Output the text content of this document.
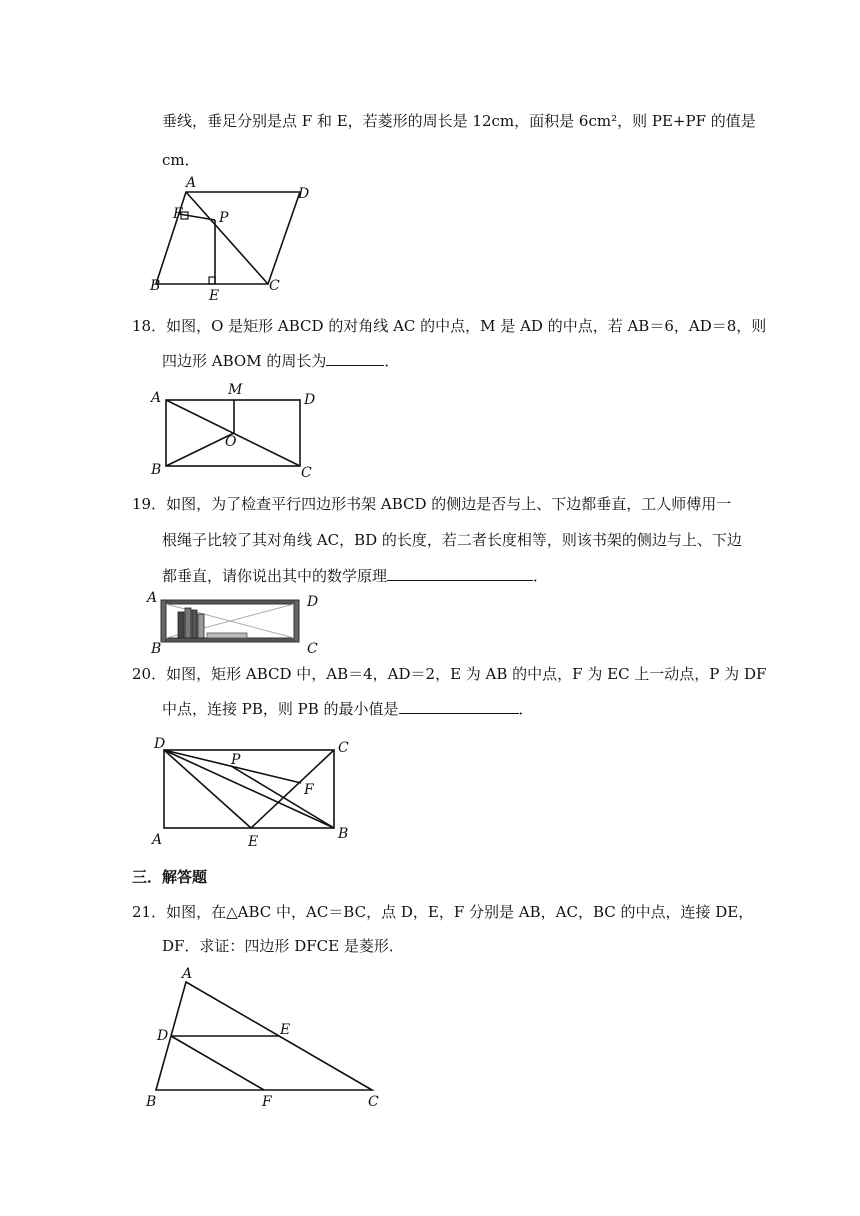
垂线，垂足分别是点 F 和 E，若菱形的周长是 12cm，面积是 6cm²，则 PE+PF 的值是
cm．
A
D
F	P
B
E
C
18．如图，O 是矩形 ABCD 的对角线 AC 的中点，M 是 AD 的中点，若 AB＝6，AD＝8，则
四边形 ABOM 的周长为	．
A	M
D
O
B	C
19．如图，为了检查平行四边形书架 ABCD 的侧边是否与上、下边都垂直，工人师傅用一
根绳子比较了其对角线 AC，BD 的长度，若二者长度相等，则该书架的侧边与上、下边
都垂直，请你说出其中的数学原理	．
A	D
B	C
20．如图，矩形 ABCD 中，AB＝4，AD＝2，E 为 AB 的中点，F 为 EC 上一动点，P 为 DF
中点，连接 PB，则 PB 的最小值是	．
D	C
P
F
A	E	B
三．解答题
21．如图，在△ABC 中，AC＝BC，点 D，E，F 分别是 AB，AC，BC 的中点，连接 DE，
DF．求证：四边形 DFCE 是菱形．
A
D	E
B	F	C
